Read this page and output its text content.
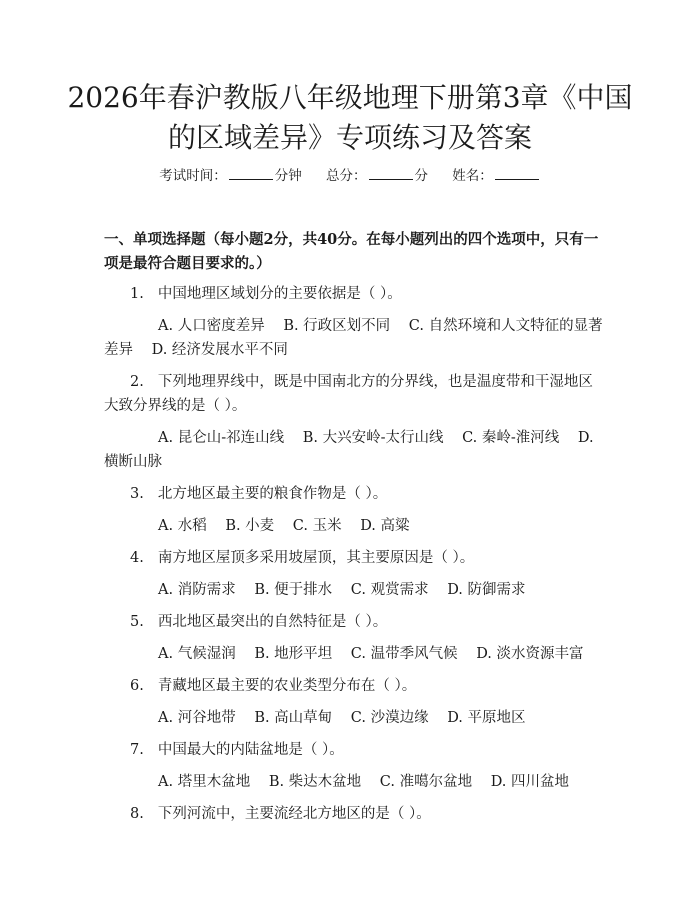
2026年春沪教版八年级地理下册第3章《中国的区域差异》专项练习及答案
考试时间：	分钟 总分：	分 姓名：

一、单项选择题（每小题2分，共40分。在每小题列出的四个选项中，只有一项是最符合题目要求的。）

1. 中国地理区域划分的主要依据是（ ）。

A. 人口密度差异 B. 行政区划不同 C. 自然环境和人文特征的显著差异 D. 经济发展水平不同

2. 下列地理界线中，既是中国南北方的分界线，也是温度带和干湿地区大致分界线的是（ ）。

A. 昆仑山-祁连山线 B. 大兴安岭-太行山线 C. 秦岭-淮河线 D. 横断山脉

3. 北方地区最主要的粮食作物是（ ）。

A. 水稻 B. 小麦 C. 玉米 D. 高粱

4. 南方地区屋顶多采用坡屋顶，其主要原因是（ ）。

A. 消防需求 B. 便于排水 C. 观赏需求 D. 防御需求

5. 西北地区最突出的自然特征是（ ）。

A. 气候湿润 B. 地形平坦 C. 温带季风气候 D. 淡水资源丰富

6. 青藏地区最主要的农业类型分布在（ ）。

A. 河谷地带 B. 高山草甸 C. 沙漠边缘 D. 平原地区

7. 中国最大的内陆盆地是（ ）。

A. 塔里木盆地 B. 柴达木盆地 C. 准噶尔盆地 D. 四川盆地

8. 下列河流中，主要流经北方地区的是（ ）。
